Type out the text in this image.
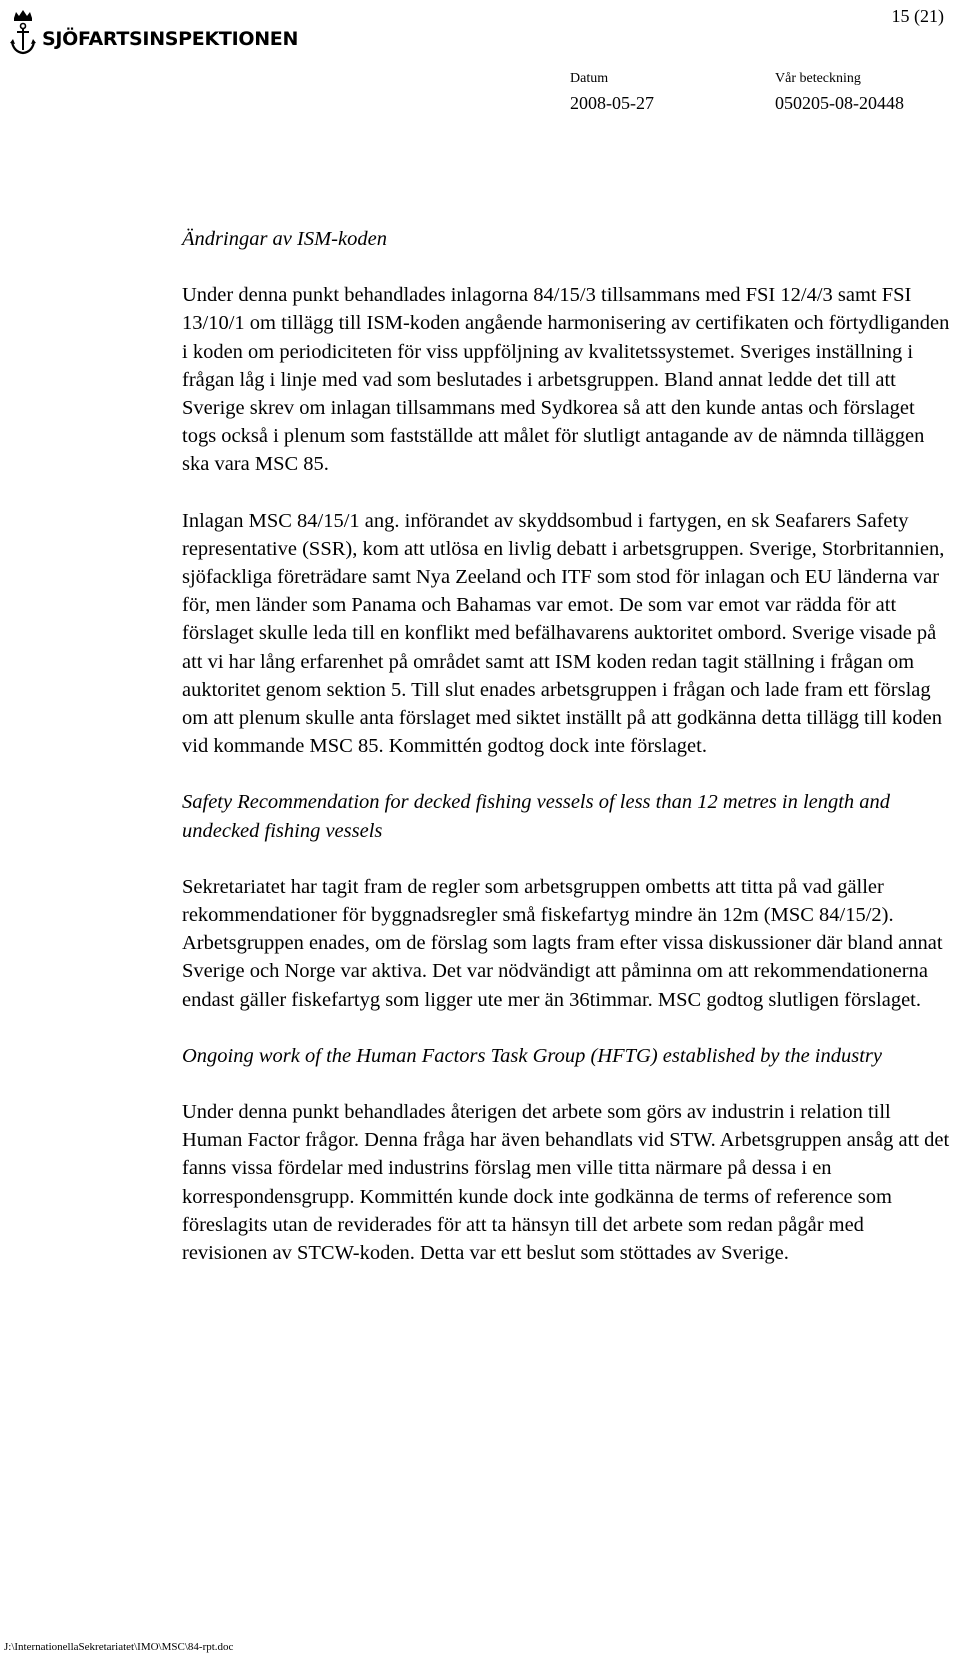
SJÖFARTSINSPEKTIONEN
15 (21)
Datum
2008-05-27
Vår beteckning
050205-08-20448

Ändringar av ISM-koden

Under denna punkt behandlades inlagorna 84/15/3 tillsammans med FSI 12/4/3 samt FSI 13/10/1 om tillägg till ISM-koden angående harmonisering av certifikaten och förtydliganden i koden om periodiciteten för viss uppföljning av kvalitetssystemet. Sveriges inställning i frågan låg i linje med vad som beslutades i arbetsgruppen. Bland annat ledde det till att Sverige skrev om inlagan tillsammans med Sydkorea så att den kunde antas och förslaget togs också i plenum som fastställde att målet för slutligt antagande av de nämnda tilläggen ska vara MSC 85.

Inlagan MSC 84/15/1 ang. införandet av skyddsombud i fartygen, en sk Seafarers Safety representative (SSR), kom att utlösa en livlig debatt i arbetsgruppen. Sverige, Storbritannien, sjöfackliga företrädare samt Nya Zeeland och ITF som stod för inlagan och EU länderna var för, men länder som Panama och Bahamas var emot. De som var emot var rädda för att förslaget skulle leda till en konflikt med befälhavarens auktoritet ombord. Sverige visade på att vi har lång erfarenhet på området samt att ISM koden redan tagit ställning i frågan om auktoritet genom sektion 5. Till slut enades arbetsgruppen i frågan och lade fram ett förslag om att plenum skulle anta förslaget med siktet inställt på att godkänna detta tillägg till koden vid kommande MSC 85. Kommittén godtog dock inte förslaget.

Safety Recommendation for decked fishing vessels of less than 12 metres in length and undecked fishing vessels

Sekretariatet har tagit fram de regler som arbetsgruppen ombetts att titta på vad gäller rekommendationer för byggnadsregler små fiskefartyg mindre än 12m (MSC 84/15/2). Arbetsgruppen enades, om de förslag som lagts fram efter vissa diskussioner där bland annat Sverige och Norge var aktiva. Det var nödvändigt att påminna om att rekommendationerna endast gäller fiskefartyg som ligger ute mer än 36timmar. MSC godtog slutligen förslaget.

Ongoing work of the Human Factors Task Group (HFTG) established by the industry

Under denna punkt behandlades återigen det arbete som görs av industrin i relation till Human Factor frågor. Denna fråga har även behandlats vid STW. Arbetsgruppen ansåg att det fanns vissa fördelar med industrins förslag men ville titta närmare på dessa i en korrespondensgrupp. Kommittén kunde dock inte godkänna de terms of reference som föreslagits utan de reviderades för att ta hänsyn till det arbete som redan pågår med revisionen av STCW-koden. Detta var ett beslut som stöttades av Sverige.

J:\InternationellaSekretariatet\IMO\MSC\84-rpt.doc
